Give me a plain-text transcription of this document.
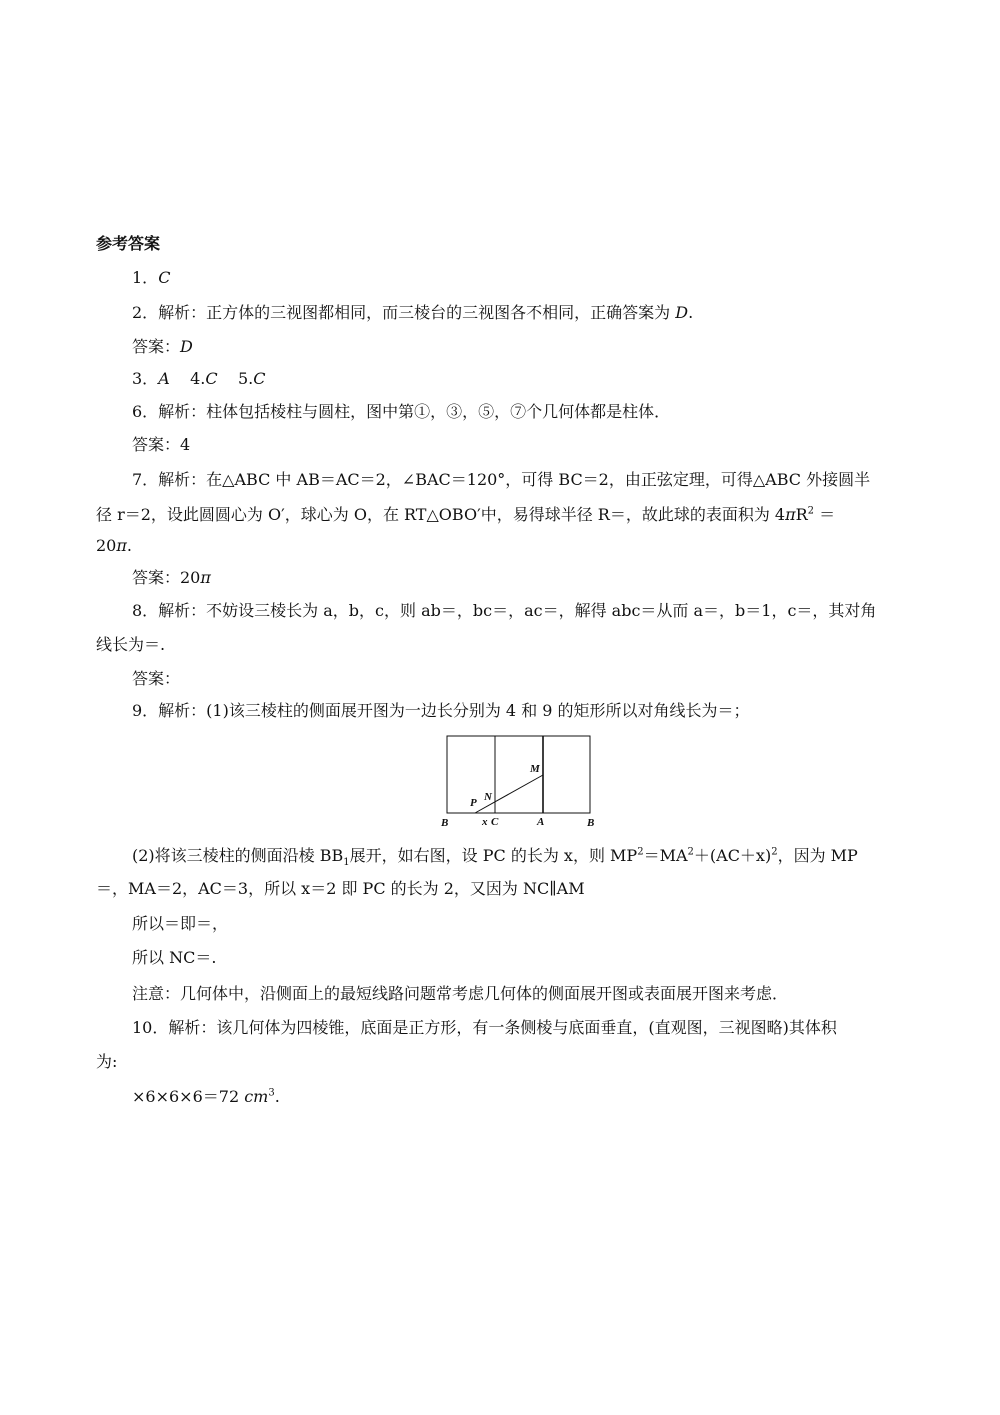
参考答案
1．C
2．解析：正方体的三视图都相同，而三棱台的三视图各不相同，正确答案为 D.
答案：D
3．A 4.C 5.C
6．解析：柱体包括棱柱与圆柱，图中第①，③，⑤，⑦个几何体都是柱体．
答案：4
7．解析：在△ABC 中 AB＝AC＝2，∠BAC＝120°，可得 BC＝2，由正弦定理，可得△ABC 外接圆半
径 r＝2，设此圆圆心为 O′，球心为 O，在 RT△OBO′中，易得球半径 R＝，故此球的表面积为 $4\pi R^2$ ＝
20π.
答案：20π
8．解析：不妨设三棱长为 a，b，c，则 ab＝，bc＝，ac＝，解得 abc＝从而 a＝，b＝1，c＝，其对角
线长为＝.
答案：
9．解析：(1)该三棱柱的侧面展开图为一边长分别为 4 和 9 的矩形所以对角线长为＝；
B	x C	A	B
P N
M
(2)将该三棱柱的侧面沿棱 $BB_1$展开，如右图，设 PC 的长为 x，则 $MP^2=MA^2+(AC+x)^2$，因为 MP
＝，MA＝2，AC＝3，所以 x＝2 即 PC 的长为 2，又因为 NC∥AM
所以＝即＝，
所以 NC＝.
注意：几何体中，沿侧面上的最短线路问题常考虑几何体的侧面展开图或表面展开图来考虑．
10．解析：该几何体为四棱锥，底面是正方形，有一条侧棱与底面垂直，(直观图，三视图略)其体积
为:
×6×6×6＝72 $cm^3$.
